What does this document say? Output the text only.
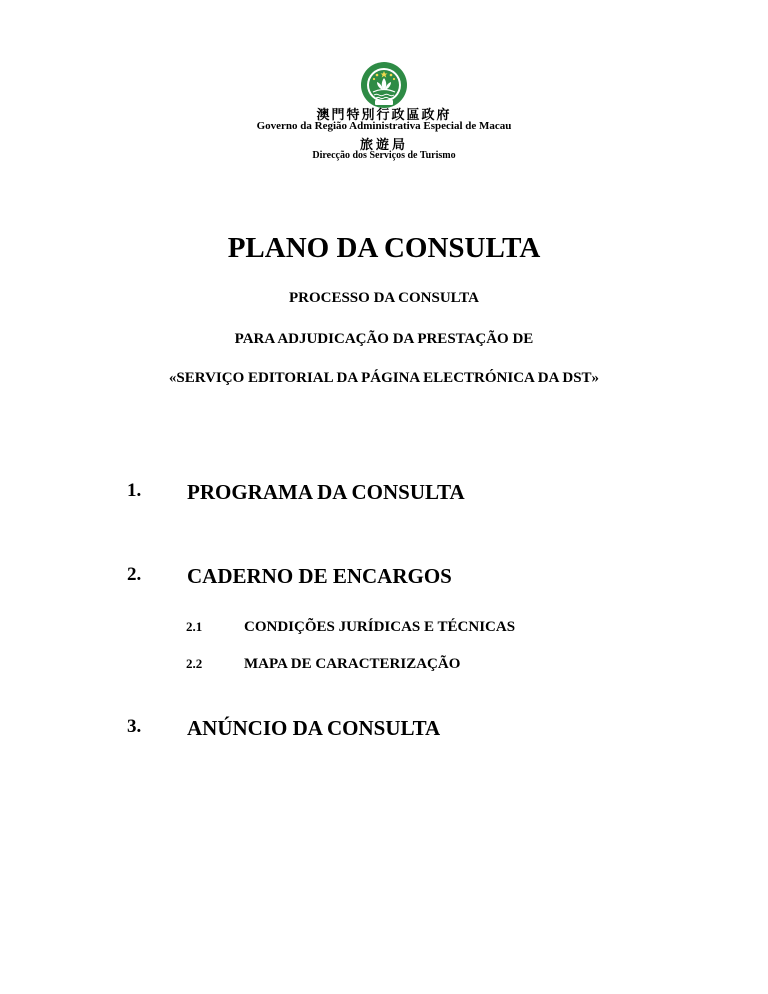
澳門特別行政區政府
Governo da Região Administrativa Especial de Macau
旅遊局
Direcção dos Serviços de Turismo
PLANO DA CONSULTA
PROCESSO DA CONSULTA
PARA ADJUDICAÇÃO DA PRESTAÇÃO DE
«SERVIÇO EDITORIAL DA PÁGINA ELECTRÓNICA DA DST»
1. PROGRAMA DA CONSULTA
2. CADERNO DE ENCARGOS
2.1	CONDIÇÕES JURÍDICAS E TÉCNICAS
2.2	MAPA DE CARACTERIZAÇÃO
3. ANÚNCIO DA CONSULTA
